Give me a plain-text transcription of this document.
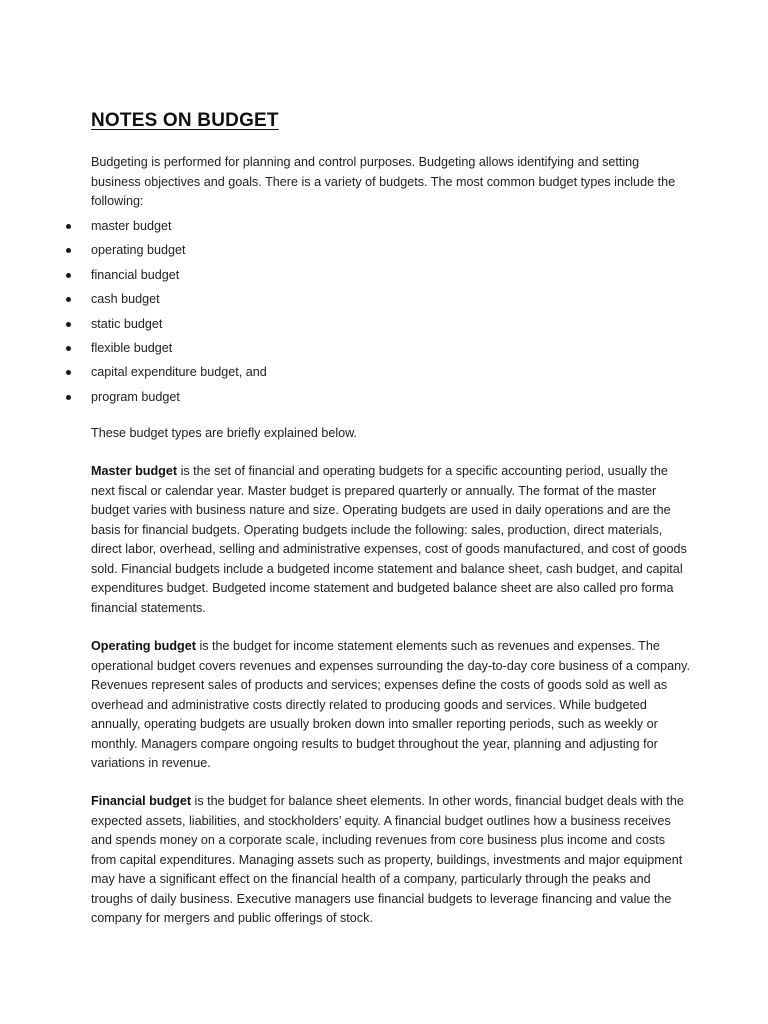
NOTES ON BUDGET

Budgeting is performed for planning and control purposes. Budgeting allows identifying and setting business objectives and goals. There is a variety of budgets. The most common budget types include the following:

master budget
operating budget
financial budget
cash budget
static budget
flexible budget
capital expenditure budget, and
program budget

These budget types are briefly explained below.

Master budget is the set of financial and operating budgets for a specific accounting period, usually the next fiscal or calendar year. Master budget is prepared quarterly or annually. The format of the master budget varies with business nature and size. Operating budgets are used in daily operations and are the basis for financial budgets. Operating budgets include the following: sales, production, direct materials, direct labor, overhead, selling and administrative expenses, cost of goods manufactured, and cost of goods sold. Financial budgets include a budgeted income statement and balance sheet, cash budget, and capital expenditures budget. Budgeted income statement and budgeted balance sheet are also called pro forma financial statements.

Operating budget is the budget for income statement elements such as revenues and expenses. The operational budget covers revenues and expenses surrounding the day-to-day core business of a company. Revenues represent sales of products and services; expenses define the costs of goods sold as well as overhead and administrative costs directly related to producing goods and services. While budgeted annually, operating budgets are usually broken down into smaller reporting periods, such as weekly or monthly. Managers compare ongoing results to budget throughout the year, planning and adjusting for variations in revenue.

Financial budget is the budget for balance sheet elements. In other words, financial budget deals with the expected assets, liabilities, and stockholders’ equity. A financial budget outlines how a business receives and spends money on a corporate scale, including revenues from core business plus income and costs from capital expenditures. Managing assets such as property, buildings, investments and major equipment may have a significant effect on the financial health of a company, particularly through the peaks and troughs of daily business. Executive managers use financial budgets to leverage financing and value the company for mergers and public offerings of stock.
